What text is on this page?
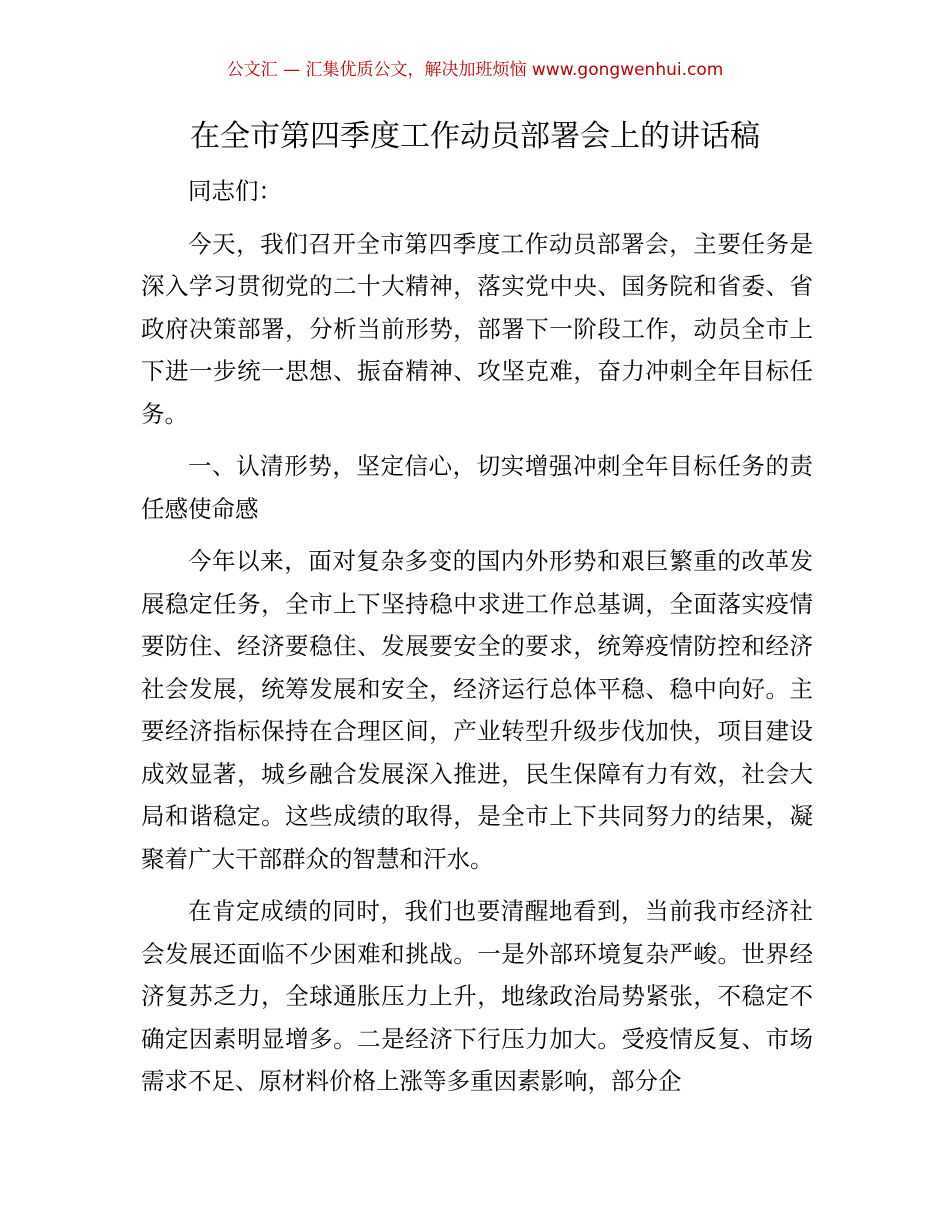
公文汇 — 汇集优质公文，解决加班烦恼 www.gongwenhui.com
在全市第四季度工作动员部署会上的讲话稿

同志们：

今天，我们召开全市第四季度工作动员部署会，主要任务是深入学习贯彻党的二十大精神，落实党中央、国务院和省委、省政府决策部署，分析当前形势，部署下一阶段工作，动员全市上下进一步统一思想、振奋精神、攻坚克难，奋力冲刺全年目标任务。

一、认清形势，坚定信心，切实增强冲刺全年目标任务的责任感使命感

今年以来，面对复杂多变的国内外形势和艰巨繁重的改革发展稳定任务，全市上下坚持稳中求进工作总基调，全面落实疫情要防住、经济要稳住、发展要安全的要求，统筹疫情防控和经济社会发展，统筹发展和安全，经济运行总体平稳、稳中向好。主要经济指标保持在合理区间，产业转型升级步伐加快，项目建设成效显著，城乡融合发展深入推进，民生保障有力有效，社会大局和谐稳定。这些成绩的取得，是全市上下共同努力的结果，凝聚着广大干部群众的智慧和汗水。

在肯定成绩的同时，我们也要清醒地看到，当前我市经济社会发展还面临不少困难和挑战。一是外部环境复杂严峻。世界经济复苏乏力，全球通胀压力上升，地缘政治局势紧张，不稳定不确定因素明显增多。二是经济下行压力加大。受疫情反复、市场需求不足、原材料价格上涨等多重因素影响，部分企
